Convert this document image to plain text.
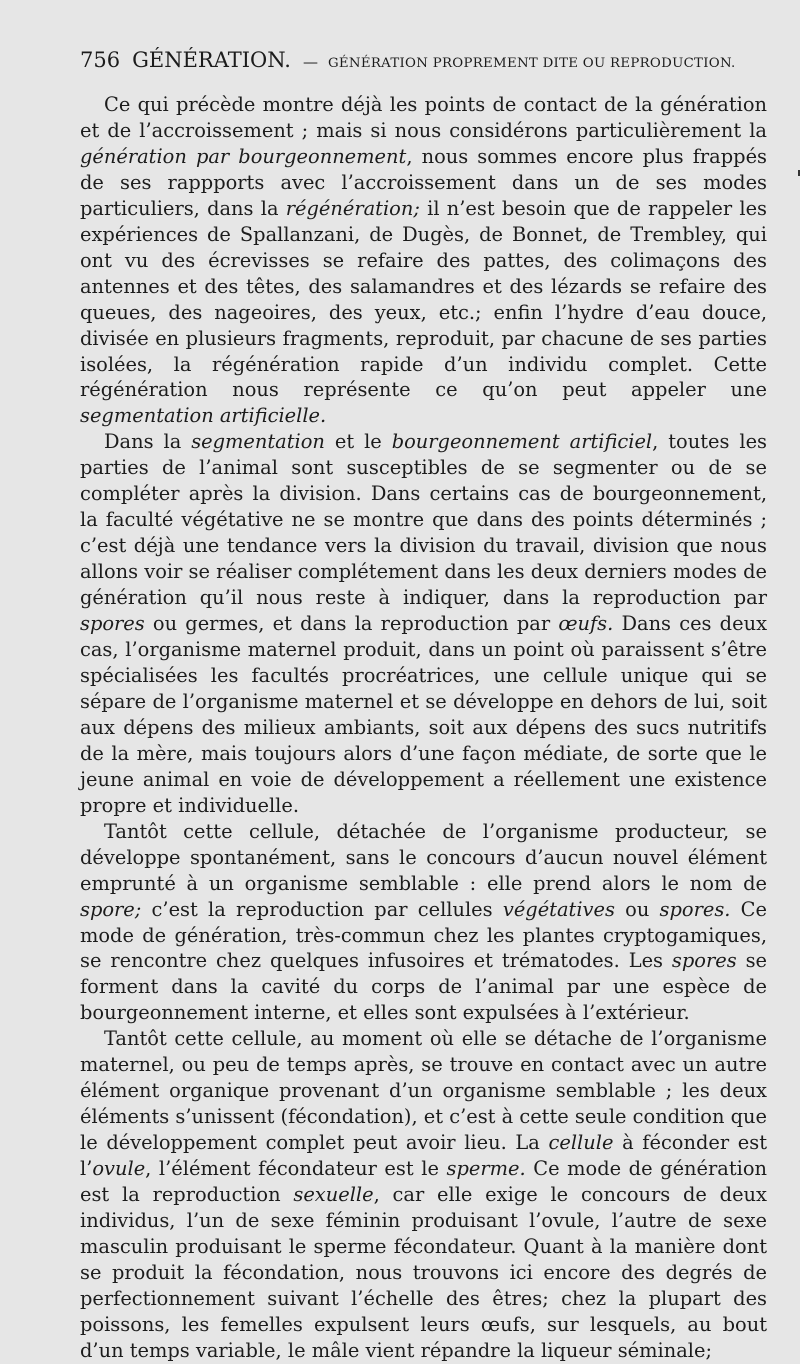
756 GÉNÉRATION. — GÉNÉRATION PROPREMENT DITE OU REPRODUCTION.

Ce qui précède montre déjà les points de contact de la génération et de l’accroissement ; mais si nous considérons particulièrement la génération par bourgeonnement, nous sommes encore plus frappés de ses rappports avec l’accroissement dans un de ses modes particuliers, dans la régénération; il n’est besoin que de rappeler les expériences de Spallanzani, de Dugès, de Bonnet, de Trembley, qui ont vu des écrevisses se refaire des pattes, des colimaçons des antennes et des têtes, des salamandres et des lézards se refaire des queues, des nageoires, des yeux, etc.; enfin l’hydre d’eau douce, divisée en plusieurs fragments, reproduit, par chacune de ses parties isolées, la régénération rapide d’un individu complet. Cette régénération nous représente ce qu’on peut appeler une segmentation artificielle.

Dans la segmentation et le bourgeonnement artificiel, toutes les parties de l’animal sont susceptibles de se segmenter ou de se compléter après la division. Dans certains cas de bourgeonnement, la faculté végétative ne se montre que dans des points déterminés ; c’est déjà une tendance vers la division du travail, division que nous allons voir se réaliser complétement dans les deux derniers modes de génération qu’il nous reste à indiquer, dans la reproduction par spores ou germes, et dans la reproduction par œufs. Dans ces deux cas, l’organisme maternel produit, dans un point où paraissent s’être spécialisées les facultés procréatrices, une cellule unique qui se sépare de l’organisme maternel et se développe en dehors de lui, soit aux dépens des milieux ambiants, soit aux dépens des sucs nutritifs de la mère, mais toujours alors d’une façon médiate, de sorte que le jeune animal en voie de développement a réellement une existence propre et individuelle.

Tantôt cette cellule, détachée de l’organisme producteur, se développe spontanément, sans le concours d’aucun nouvel élément emprunté à un organisme semblable : elle prend alors le nom de spore; c’est la reproduction par cellules végétatives ou spores. Ce mode de génération, très-commun chez les plantes cryptogamiques, se rencontre chez quelques infusoires et trématodes. Les spores se forment dans la cavité du corps de l’animal par une espèce de bourgeonnement interne, et elles sont expulsées à l’extérieur.

Tantôt cette cellule, au moment où elle se détache de l’organisme maternel, ou peu de temps après, se trouve en contact avec un autre élément organique provenant d’un organisme semblable ; les deux éléments s’unissent (fécondation), et c’est à cette seule condition que le développement complet peut avoir lieu. La cellule à féconder est l’ovule, l’élément fécondateur est le sperme. Ce mode de génération est la reproduction sexuelle, car elle exige le concours de deux individus, l’un de sexe féminin produisant l’ovule, l’autre de sexe masculin produisant le sperme fécondateur. Quant à la manière dont se produit la fécondation, nous trouvons ici encore des degrés de perfectionnement suivant l’échelle des êtres; chez la plupart des poissons, les femelles expulsent leurs œufs, sur lesquels, au bout d’un temps variable, le mâle vient répandre la liqueur séminale;
